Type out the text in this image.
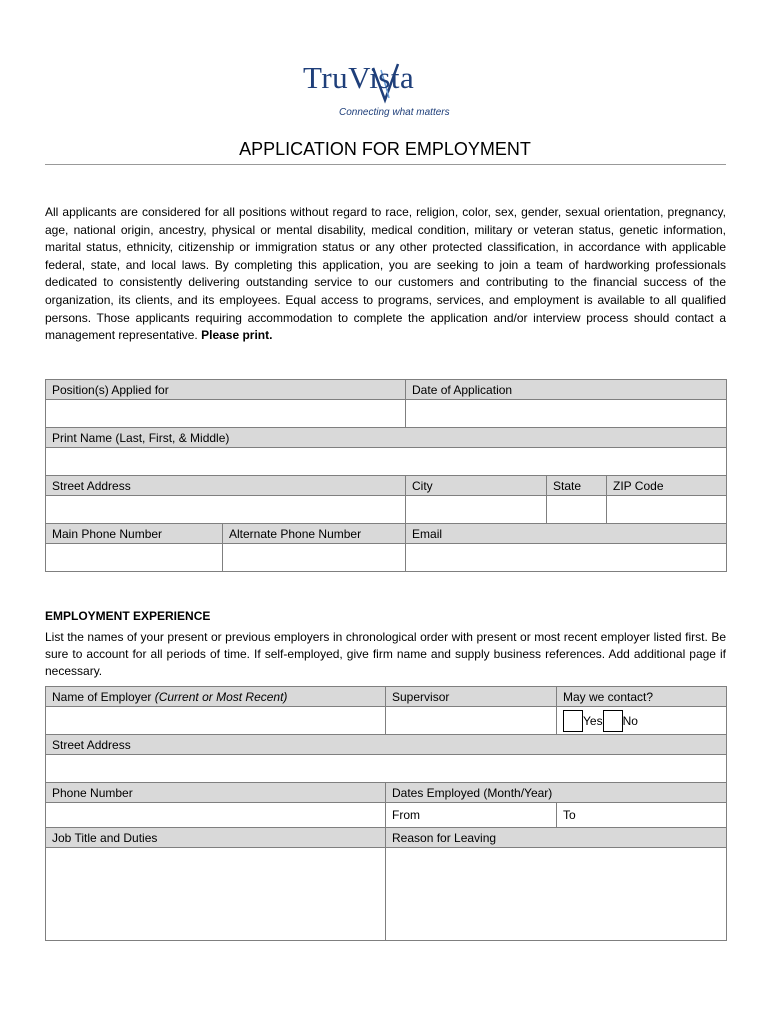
TruVista
Connecting what matters
APPLICATION FOR EMPLOYMENT
All applicants are considered for all positions without regard to race, religion, color, sex, gender, sexual orientation, pregnancy, age, national origin, ancestry, physical or mental disability, medical condition, military or veteran status, genetic information, marital status, ethnicity, citizenship or immigration status or any other protected classification, in accordance with applicable federal, state, and local laws. By completing this application, you are seeking to join a team of hardworking professionals dedicated to consistently delivering outstanding service to our customers and contributing to the financial success of the organization, its clients, and its employees. Equal access to programs, services, and employment is available to all qualified persons. Those applicants requiring accommodation to complete the application and/or interview process should contact a management representative. Please print.
Position(s) Applied for		Date of Application		

Print Name (Last, First, & Middle)				

Street Address		City	State	ZIP Code

Main Phone Number	Alternate Phone Number	Email		

EMPLOYMENT EXPERIENCE
List the names of your present or previous employers in chronological order with present or most recent employer listed first. Be sure to account for all periods of time. If self-employed, give firm name and supply business references. Add additional page if necessary.
Name of Employer (Current or Most Recent)	Supervisor	May we contact?

		Yes No

Street Address		

Phone Number	Dates Employed (Month/Year)	
	From	To
Job Title and Duties	Reason for Leaving	
